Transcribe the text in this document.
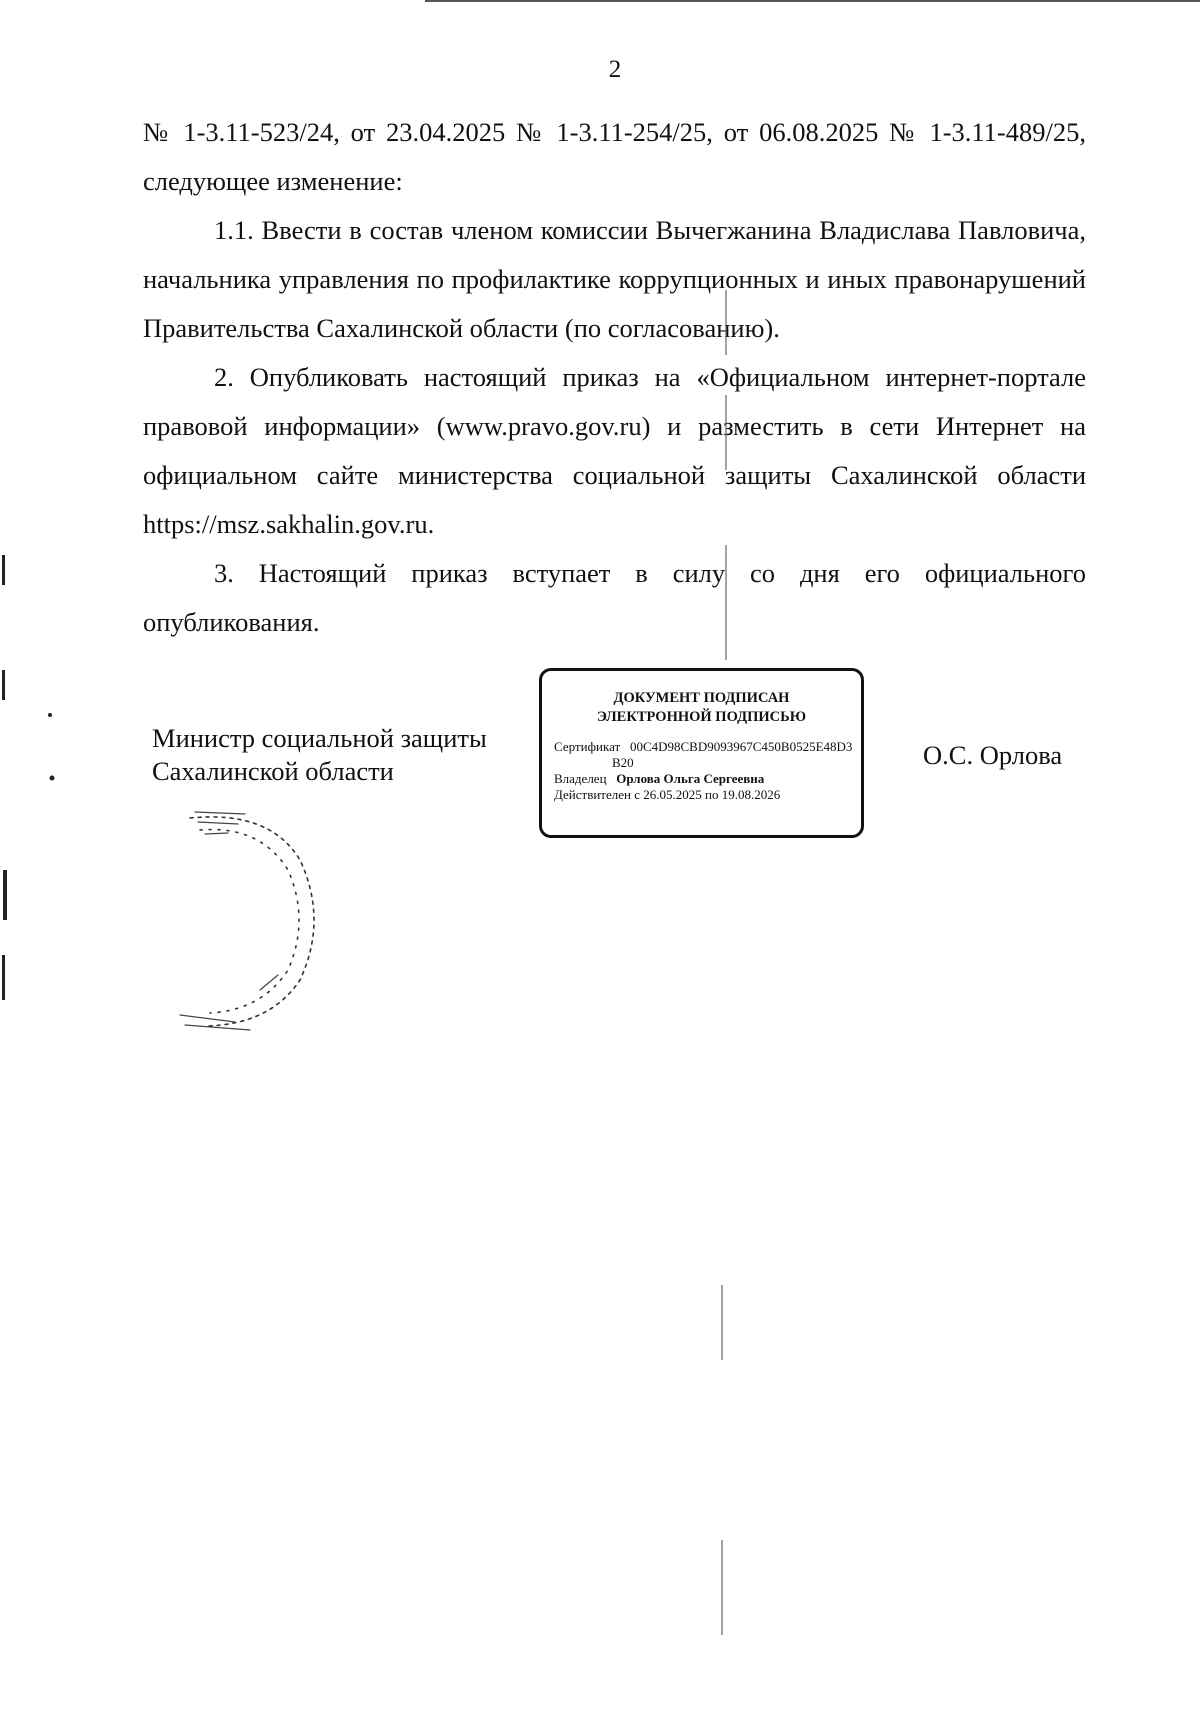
2

№ 1-3.11-523/24, от 23.04.2025 № 1-3.11-254/25, от 06.08.2025 № 1-3.11-489/25, следующее изменение:

1.1. Ввести в состав членом комиссии Вычегжанина Владислава Павловича, начальника управления по профилактике коррупционных и иных правонарушений Правительства Сахалинской области (по согласованию).

2. Опубликовать настоящий приказ на «Официальном интернет-портале правовой информации» (www.pravo.gov.ru) и разместить в сети Интернет на официальном сайте министерства социальной защиты Сахалинской области https://msz.sakhalin.gov.ru.

3. Настоящий приказ вступает в силу со дня его официального опубликования.

Министр социальной защиты
Сахалинской области
ДОКУМЕНТ ПОДПИСАН
ЭЛЕКТРОННОЙ ПОДПИСЬЮ
Сертификат 00C4D98CBD9093967C450B0525E48D3
B20
Владелец Орлова Ольга Сергеевна
Действителен с 26.05.2025 по 19.08.2026
О.С. Орлова
